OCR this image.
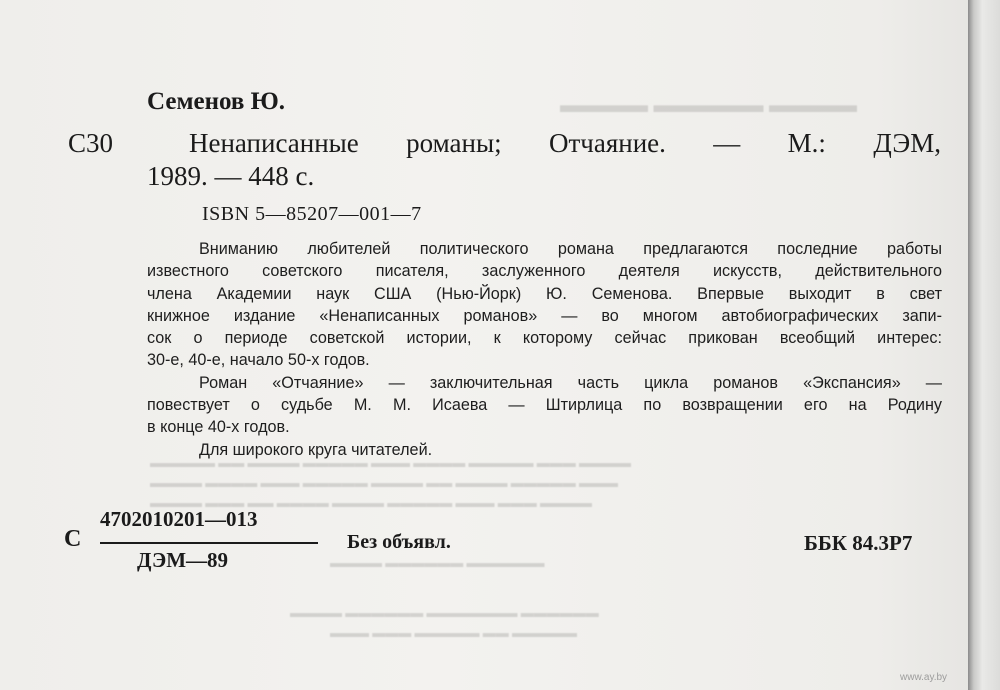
▬▬▬▬ ▬▬▬▬▬ ▬▬▬▬
▬▬▬▬ ▬▬▬ ▬▬▬▬▬ ▬▬▬▬ ▬▬▬ ▬▬▬▬▬ ▬▬▬▬ ▬▬ ▬▬▬▬▬
▬▬▬ ▬▬▬▬▬ ▬▬▬▬ ▬▬ ▬▬▬▬ ▬▬▬▬▬ ▬▬▬ ▬▬▬▬ ▬▬▬▬
▬▬▬▬ ▬▬▬ ▬▬▬ ▬▬▬▬▬ ▬▬▬▬ ▬▬▬▬ ▬▬ ▬▬▬ ▬▬▬▬
▬▬▬▬▬▬ ▬▬▬▬▬▬ ▬▬▬▬
▬▬▬▬▬▬ ▬▬▬▬▬▬▬ ▬▬▬▬▬▬ ▬▬▬▬
▬▬▬▬▬ ▬▬ ▬▬▬▬▬ ▬▬▬ ▬▬▬
Семенов Ю.
С30	Ненаписанные романы; Отчаяние. — М.: ДЭМ,
1989. — 448 с.
ISBN 5—85207—001—7
Вниманию любителей политического романа предлагаются последние работы
известного советского писателя, заслуженного деятеля искусств, действительного
члена Академии наук США (Нью-Йорк) Ю. Семенова. Впервые выходит в свет
книжное издание «Ненаписанных романов» — во многом автобиографических запи-
сок о периоде советской истории, к которому сейчас прикован всеобщий интерес:
30-е, 40-е, начало 50-х годов.
Роман «Отчаяние» — заключительная часть цикла романов «Экспансия» —
повествует о судьбе М. М. Исаева — Штирлица по возвращении его на Родину
в конце 40-х годов.
Для широкого круга читателей.
С
4702010201—013
ДЭМ—89
Без объявл.	ББК 84.3Р7
www.ay.by
